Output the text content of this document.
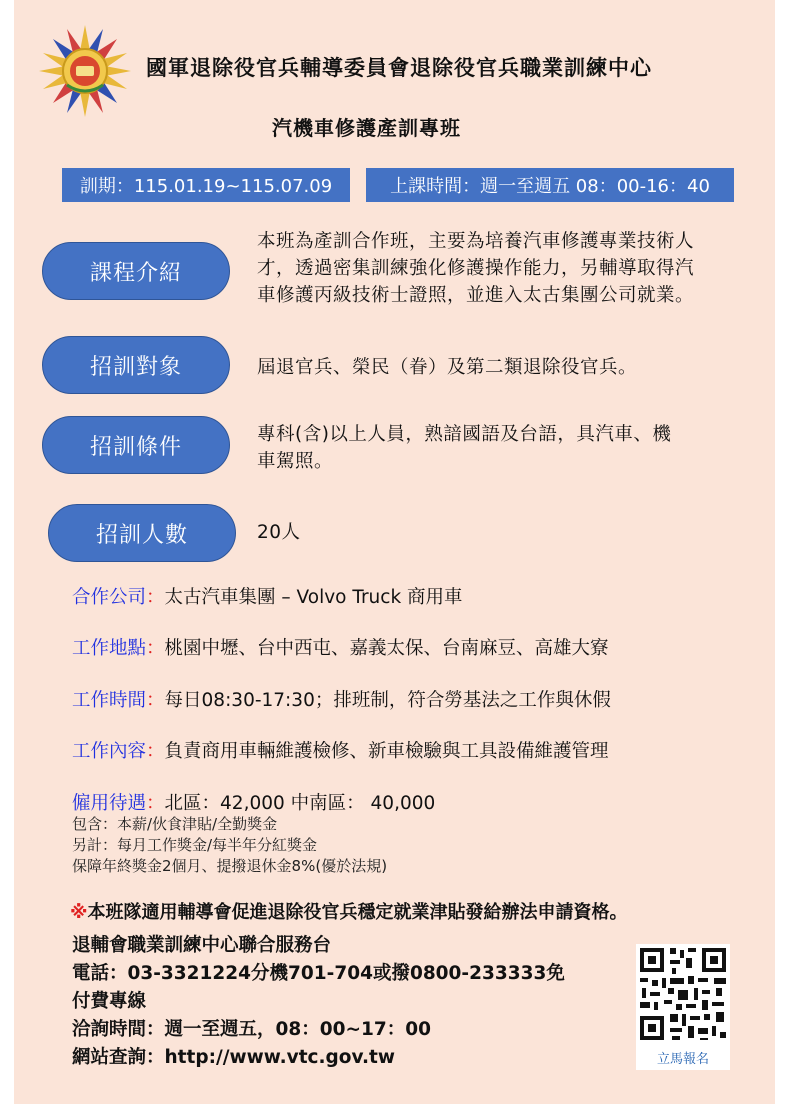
國軍退除役官兵輔導委員會退除役官兵職業訓練中心
汽機車修護產訓專班
訓期：115.01.19~115.07.09	上課時間：週一至週五 08：00-16：40
課程介紹
本班為產訓合作班，主要為培養汽車修護專業技術人才，透過密集訓練強化修護操作能力，另輔導取得汽車修護丙級技術士證照，並進入太古集團公司就業。
招訓對象	屆退官兵、榮民（眷）及第二類退除役官兵。
招訓條件	專科(含)以上人員，熟諳國語及台語，具汽車、機車駕照。
招訓人數	20人
合作公司：太古汽車集團 – Volvo Truck 商用車
工作地點：桃園中壢、台中西屯、嘉義太保、台南麻豆、高雄大寮
工作時間：每日08:30-17:30；排班制，符合勞基法之工作與休假
工作內容：負責商用車輛維護檢修、新車檢驗與工具設備維護管理
僱用待遇：北區：42,000 中南區： 40,000
包含：本薪/伙食津貼/全勤獎金
另計：每月工作獎金/每半年分紅獎金
保障年終獎金2個月、提撥退休金8%(優於法規)
※本班隊適用輔導會促進退除役官兵穩定就業津貼發給辦法申請資格。
退輔會職業訓練中心聯合服務台
電話：03-3321224分機701-704或撥0800-233333免
付費專線
洽詢時間：週一至週五，08：00~17：00
網站查詢：http://www.vtc.gov.tw	立馬報名
